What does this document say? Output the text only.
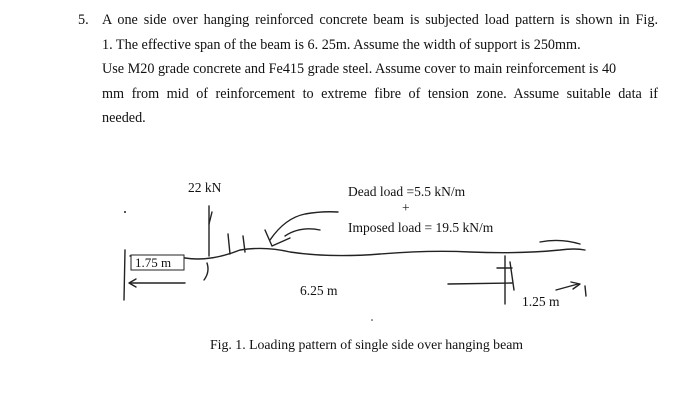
5. A one side over hanging reinforced concrete beam is subjected load pattern is shown in Fig.
1. The effective span of the beam is 6. 25m. Assume the width of support is 250mm.
Use M20 grade concrete and Fe415 grade steel. Assume cover to main reinforcement is 40
mm from mid of reinforcement to extreme fibre of tension zone. Assume suitable data if
needed.
22 kN	Dead load =5.5 kN/m
+
Imposed load = 19.5 kN/m
1.75 m
6.25 m
1.25 m
Fig. 1. Loading pattern of single side over hanging beam
